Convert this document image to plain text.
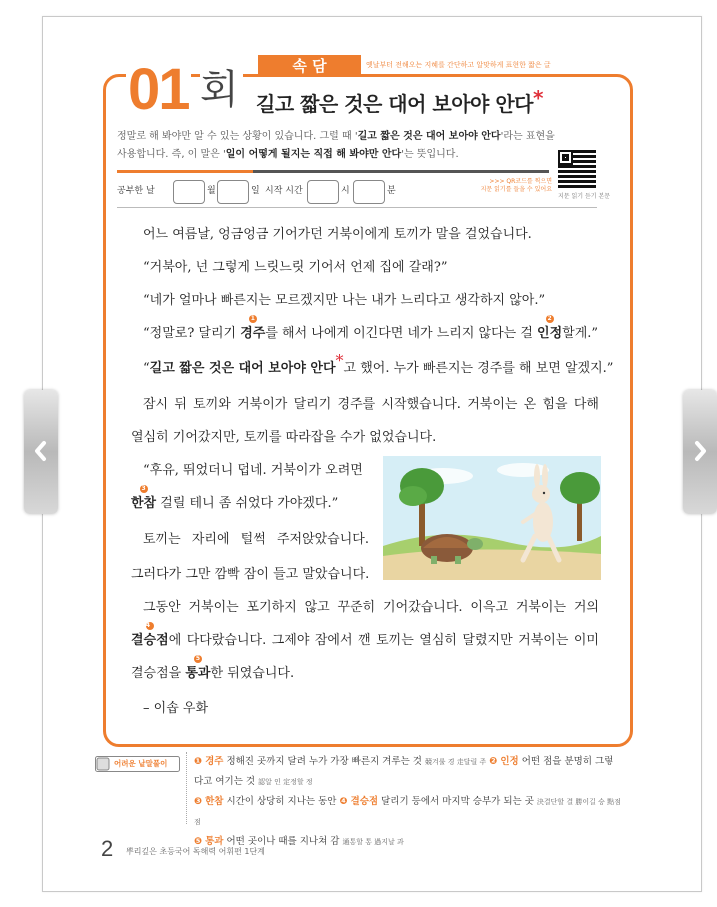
01 회
속 담	옛날부터 전해오는 지혜를 간단하고 알맞하게 표현한 짧은 글
길고 짧은 것은 대어 보아야 안다*
정말로 해 봐야만 알 수 있는 상황이 있습니다. 그럴 때 '길고 짧은 것은 대어 보아야 안다'라는 표현을
사용합니다. 즉, 이 말은 '일이 어떻게 될지는 직접 해 봐야만 안다'는 뜻입니다.
지문 읽기 듣기 본문
>>> QR코드를 찍으면
지문 읽기를 들을 수 있어요
공부한 날	월	일 시작 시간	시	분
어느 여름날, 엉금엉금 기어가던 거북이에게 토끼가 말을 걸었습니다.
“거북아, 넌 그렇게 느릿느릿 기어서 언제 집에 갈래?”
“네가 얼마나 빠른지는 모르겠지만 나는 내가 느리다고 생각하지 않아.”
“정말로? 달리기
1
경주를 해서 나에게 이긴다면 네가 느리지 않다는 걸
2
인정할게.”
“길고 짧은 것은 대어 보아야 안다*고 했어. 누가 빠른지는 경주를 해 보면 알겠지.”
잠시 뒤 토끼와 거북이가 달리기 경주를 시작했습니다. 거북이는 온 힘을 다해
열심히 기어갔지만, 토끼를 따라잡을 수가 없었습니다.
“후유, 뛰었더니 덥네. 거북이가 오려면
3
한참 걸릴 테니 좀 쉬었다 가야겠다.”
토끼는 자리에 털썩 주저앉았습니다.
그러다가 그만 깜빡 잠이 들고 말았습니다.
그동안 거북이는 포기하지 않고 꾸준히 기어갔습니다. 이윽고 거북이는 거의
4
결승점에 다다랐습니다. 그제야 잠에서 깬 토끼는 열심히 달렸지만 거북이는 이미
결승점을
5
통과한 뒤였습니다.
– 이솝 우화
어려운 낱말풀이	❶ 경주 정해진 곳까지 달려 누가 가장 빠른지 겨루는 것 競겨룰 경 走달릴 주 ❷ 인정 어떤 점을 분명히 그렇다고 여기는 것 認알 인 定정할 정
❸ 한참 시간이 상당히 지나는 동안 ❹ 결승점 달리기 등에서 마지막 승부가 되는 곳 決결단할 결 勝이길 승 點점 점
❺ 통과 어떤 곳이나 때를 지나쳐 감 通통할 통 過지날 과
2 뿌리깊은 초등국어 독해력 어휘편 1단계
